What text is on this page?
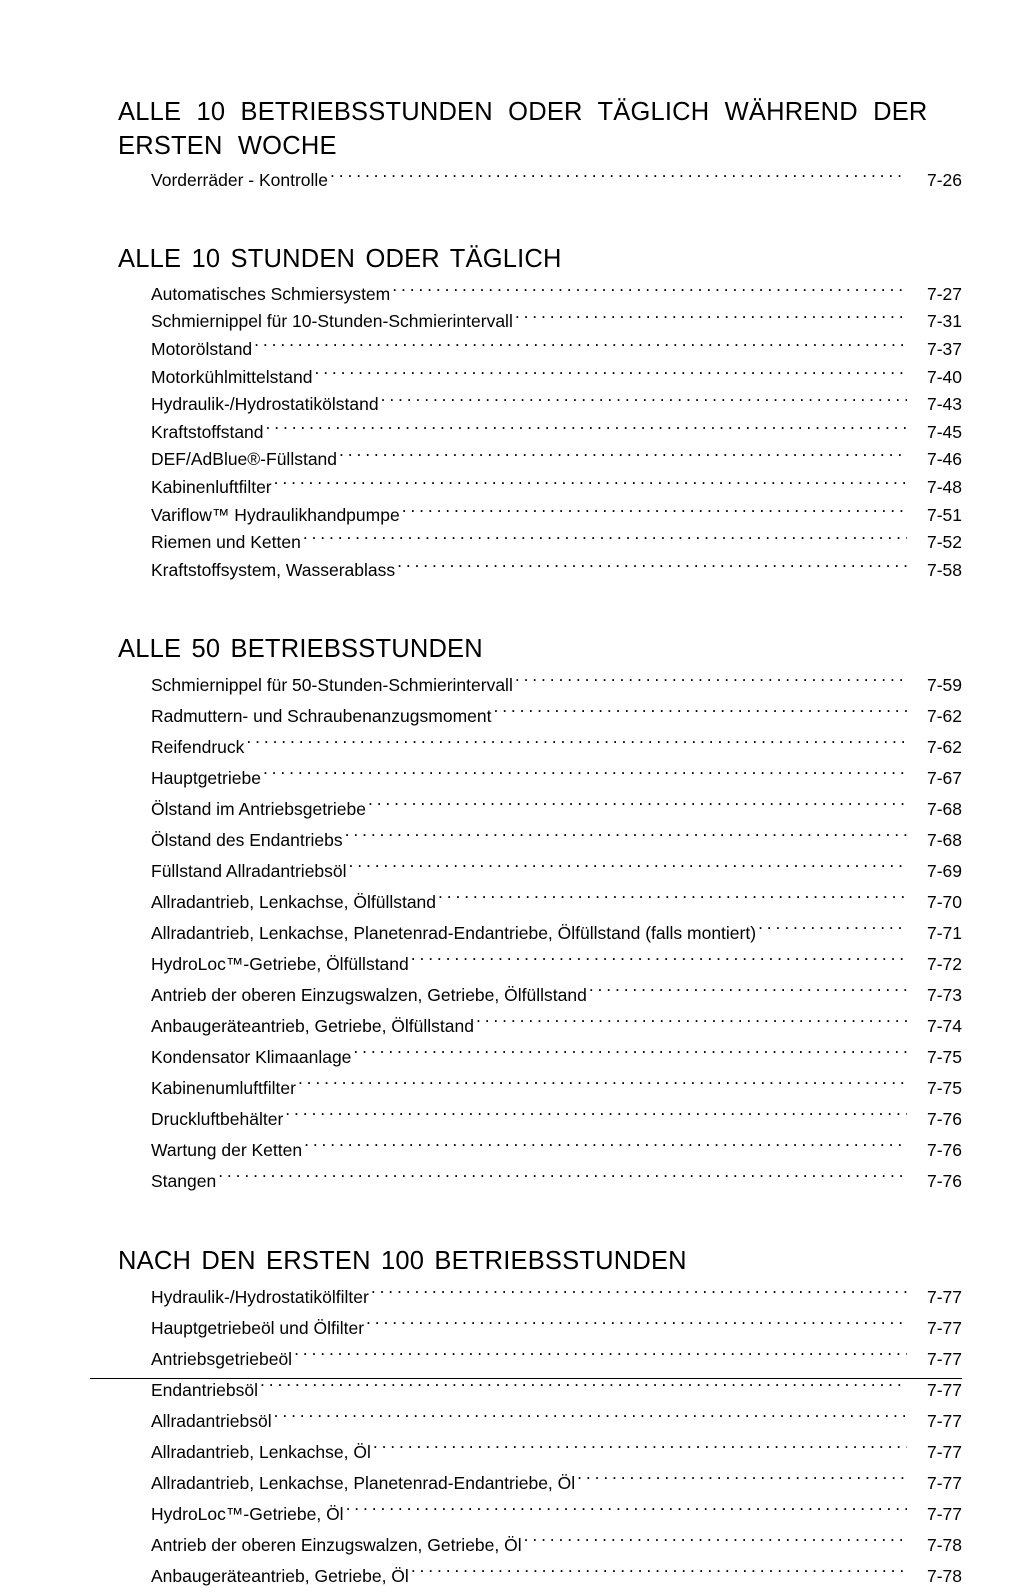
ALLE 10 BETRIEBSSTUNDEN ODER TÄGLICH WÄHREND DER ERSTEN WOCHE
Vorderräder - Kontrolle . . .	7-26
ALLE 10 STUNDEN ODER TÄGLICH
Automatisches Schmiersystem . . .	7-27
Schmiernippel für 10-Stunden-Schmierintervall . . .	7-31
Motorölstand . . .	7-37
Motorkühlmittelstand . . .	7-40
Hydraulik-/Hydrostatikölstand . . .	7-43
Kraftstoffstand . . .	7-45
DEF/AdBlue®-Füllstand . . .	7-46
Kabinenluftfilter . . .	7-48
Variflow™ Hydraulikhandpumpe . . .	7-51
Riemen und Ketten . . .	7-52
Kraftstoffsystem, Wasserablass . . .	7-58
ALLE 50 BETRIEBSSTUNDEN
Schmiernippel für 50-Stunden-Schmierintervall . . .	7-59
Radmuttern- und Schraubenanzugsmoment . . .	7-62
Reifendruck . . .	7-62
Hauptgetriebe . . .	7-67
Ölstand im Antriebsgetriebe . . .	7-68
Ölstand des Endantriebs . . .	7-68
Füllstand Allradantriebsöl . . .	7-69
Allradantrieb, Lenkachse, Ölfüllstand . . .	7-70
Allradantrieb, Lenkachse, Planetenrad-Endantriebe, Ölfüllstand (falls montiert) . . .	7-71
HydroLoc™-Getriebe, Ölfüllstand . . .	7-72
Antrieb der oberen Einzugswalzen, Getriebe, Ölfüllstand . . .	7-73
Anbaugeräteantrieb, Getriebe, Ölfüllstand . . .	7-74
Kondensator Klimaanlage . . .	7-75
Kabinenumluftfilter . . .	7-75
Druckluftbehälter . . .	7-76
Wartung der Ketten . . .	7-76
Stangen . . .	7-76
NACH DEN ERSTEN 100 BETRIEBSSTUNDEN
Hydraulik-/Hydrostatikölfilter . . .	7-77
Hauptgetriebeöl und Ölfilter . . .	7-77
Antriebsgetriebeöl . . .	7-77
Endantriebsöl . . .	7-77
Allradantriebsöl . . .	7-77
Allradantrieb, Lenkachse, Öl . . .	7-77
Allradantrieb, Lenkachse, Planetenrad-Endantriebe, Öl . . .	7-77
HydroLoc™-Getriebe, Öl . . .	7-77
Antrieb der oberen Einzugswalzen, Getriebe, Öl . . .	7-78
Anbaugeräteantrieb, Getriebe, Öl . . .	7-78
